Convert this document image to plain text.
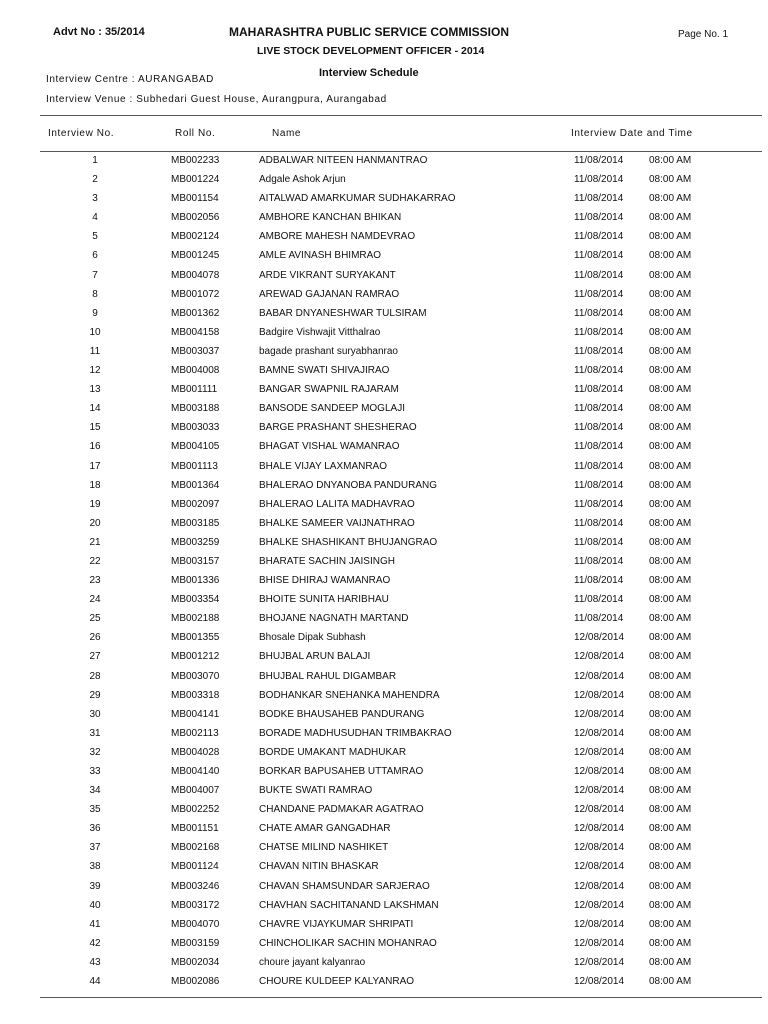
Advt No : 35/2014	MAHARASHTRA PUBLIC SERVICE COMMISSION	Page No. 1
LIVE STOCK DEVELOPMENT OFFICER - 2014
Interview Schedule
Interview Centre : AURANGABAD
Interview Venue : Subhedari Guest House, Aurangpura, Aurangabad
Interview No.	Roll No.	Name	Interview Date and Time
1	MB002233	ADBALWAR NITEEN HANMANTRAO	11/08/2014	08:00 AM
2	MB001224	Adgale Ashok Arjun	11/08/2014	08:00 AM
3	MB001154	AITALWAD AMARKUMAR SUDHAKARRAO	11/08/2014	08:00 AM
4	MB002056	AMBHORE KANCHAN BHIKAN	11/08/2014	08:00 AM
5	MB002124	AMBORE MAHESH NAMDEVRAO	11/08/2014	08:00 AM
6	MB001245	AMLE AVINASH BHIMRAO	11/08/2014	08:00 AM
7	MB004078	ARDE VIKRANT SURYAKANT	11/08/2014	08:00 AM
8	MB001072	AREWAD GAJANAN RAMRAO	11/08/2014	08:00 AM
9	MB001362	BABAR DNYANESHWAR TULSIRAM	11/08/2014	08:00 AM
10	MB004158	Badgire Vishwajit Vitthalrao	11/08/2014	08:00 AM
11	MB003037	bagade prashant suryabhanrao	11/08/2014	08:00 AM
12	MB004008	BAMNE SWATI SHIVAJIRAO	11/08/2014	08:00 AM
13	MB001111	BANGAR SWAPNIL RAJARAM	11/08/2014	08:00 AM
14	MB003188	BANSODE SANDEEP MOGLAJI	11/08/2014	08:00 AM
15	MB003033	BARGE PRASHANT SHESHERAO	11/08/2014	08:00 AM
16	MB004105	BHAGAT VISHAL WAMANRAO	11/08/2014	08:00 AM
17	MB001113	BHALE VIJAY LAXMANRAO	11/08/2014	08:00 AM
18	MB001364	BHALERAO DNYANOBA PANDURANG	11/08/2014	08:00 AM
19	MB002097	BHALERAO LALITA MADHAVRAO	11/08/2014	08:00 AM
20	MB003185	BHALKE SAMEER VAIJNATHRAO	11/08/2014	08:00 AM
21	MB003259	BHALKE SHASHIKANT BHUJANGRAO	11/08/2014	08:00 AM
22	MB003157	BHARATE SACHIN JAISINGH	11/08/2014	08:00 AM
23	MB001336	BHISE DHIRAJ WAMANRAO	11/08/2014	08:00 AM
24	MB003354	BHOITE SUNITA HARIBHAU	11/08/2014	08:00 AM
25	MB002188	BHOJANE NAGNATH MARTAND	11/08/2014	08:00 AM
26	MB001355	Bhosale Dipak Subhash	12/08/2014 08:00 AM
27	MB001212	BHUJBAL ARUN BALAJI	12/08/2014 08:00 AM
28	MB003070	BHUJBAL RAHUL DIGAMBAR	12/08/2014 08:00 AM
29	MB003318	BODHANKAR SNEHANKA MAHENDRA	12/08/2014 08:00 AM
30	MB004141	BODKE BHAUSAHEB PANDURANG	12/08/2014 08:00 AM
31	MB002113	BORADE MADHUSUDHAN TRIMBAKRAO	12/08/2014 08:00 AM
32	MB004028	BORDE UMAKANT MADHUKAR	12/08/2014 08:00 AM
33	MB004140	BORKAR BAPUSAHEB UTTAMRAO	12/08/2014 08:00 AM
34	MB004007	BUKTE SWATI RAMRAO	12/08/2014 08:00 AM
35	MB002252	CHANDANE PADMAKAR AGATRAO	12/08/2014 08:00 AM
36	MB001151	CHATE AMAR GANGADHAR	12/08/2014 08:00 AM
37	MB002168	CHATSE MILIND NASHIKET	12/08/2014 08:00 AM
38	MB001124	CHAVAN NITIN BHASKAR	12/08/2014 08:00 AM
39	MB003246	CHAVAN SHAMSUNDAR SARJERAO	12/08/2014 08:00 AM
40	MB003172	CHAVHAN SACHITANAND LAKSHMAN	12/08/2014 08:00 AM
41	MB004070	CHAVRE VIJAYKUMAR SHRIPATI	12/08/2014 08:00 AM
42	MB003159	CHINCHOLIKAR SACHIN MOHANRAO	12/08/2014 08:00 AM
43	MB002034	choure jayant kalyanrao	12/08/2014 08:00 AM
44	MB002086	CHOURE KULDEEP KALYANRAO	12/08/2014 08:00 AM
